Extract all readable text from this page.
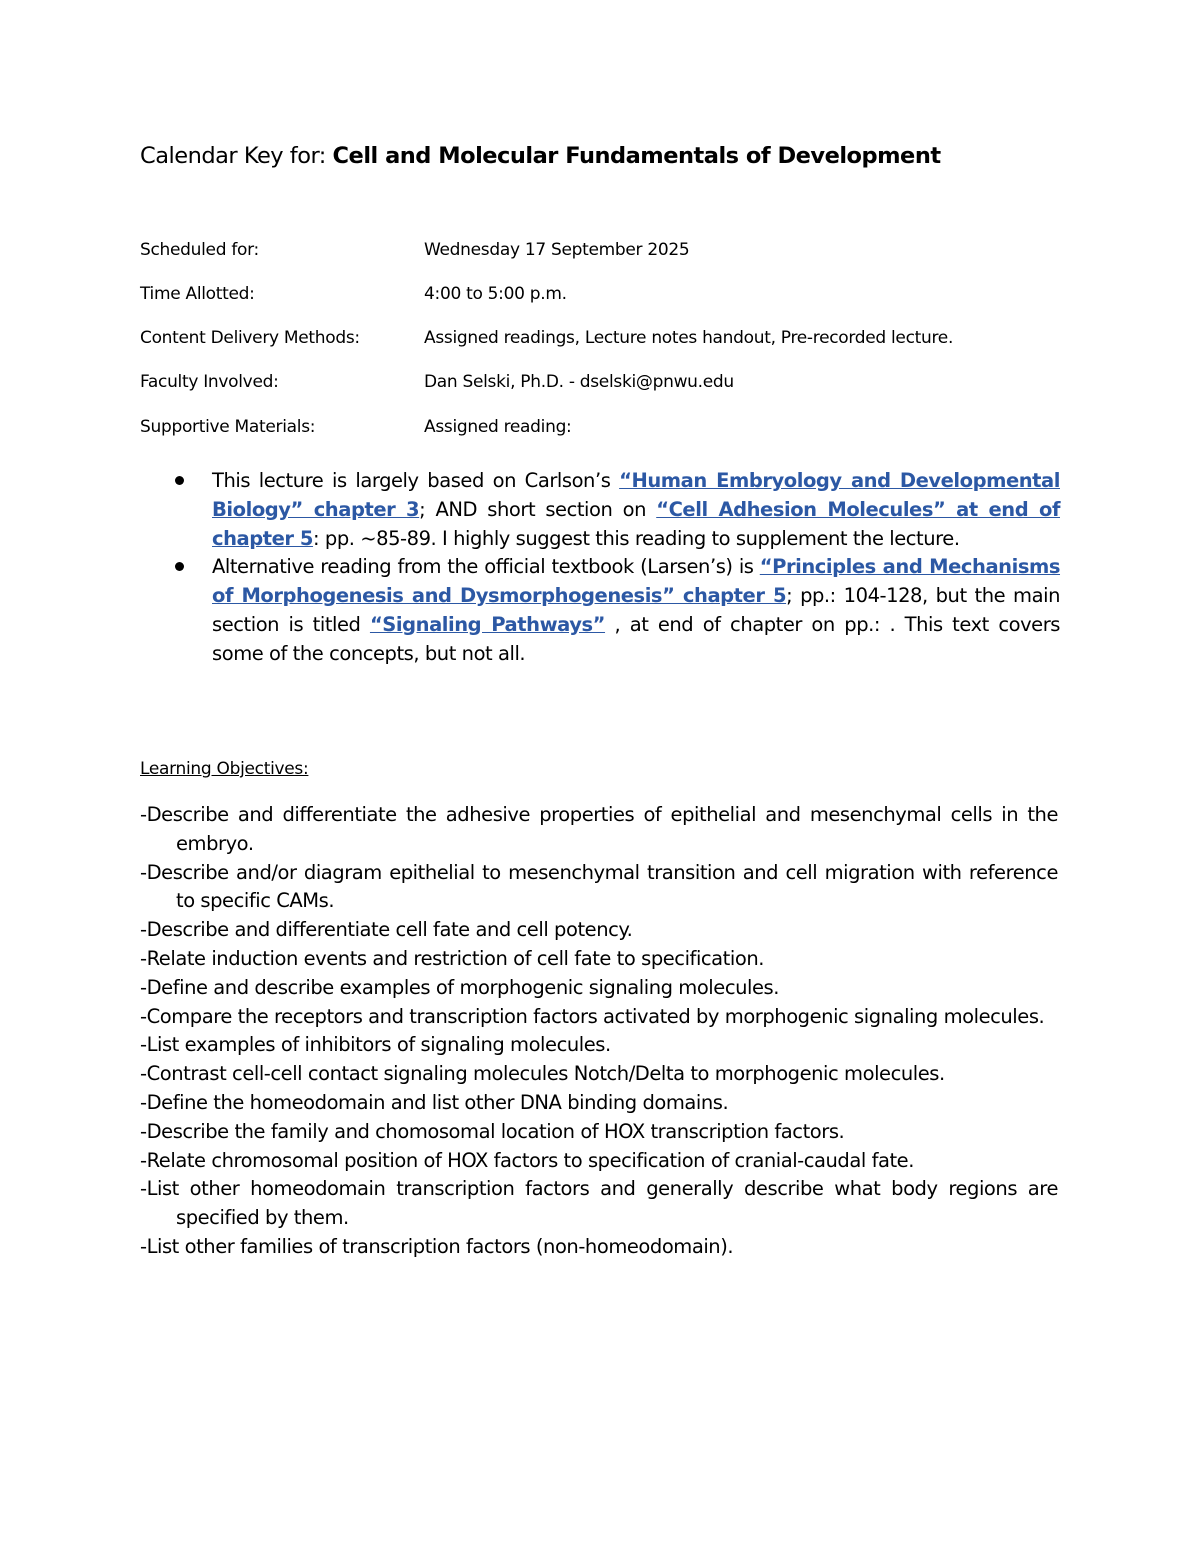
Calendar Key for: Cell and Molecular Fundamentals of Development
Scheduled for:	Wednesday 17 September 2025
Time Allotted:	4:00 to 5:00 p.m.
Content Delivery Methods:	Assigned readings, Lecture notes handout, Pre-recorded lecture.
Faculty Involved:	Dan Selski, Ph.D. - dselski@pnwu.edu
Supportive Materials:	Assigned reading:
This lecture is largely based on Carlson’s “Human Embryology and Developmental Biology” chapter 3; AND short section on “Cell Adhesion Molecules” at end of chapter 5: pp. ~85-89. I highly suggest this reading to supplement the lecture.
Alternative reading from the official textbook (Larsen’s) is “Principles and Mechanisms of Morphogenesis and Dysmorphogenesis” chapter 5; pp.: 104-128, but the main section is titled “Signaling Pathways” , at end of chapter on pp.: . This text covers some of the concepts, but not all.
Learning Objectives:
-Describe and differentiate the adhesive properties of epithelial and mesenchymal cells in the embryo.
-Describe and/or diagram epithelial to mesenchymal transition and cell migration with reference to specific CAMs.
-Describe and differentiate cell fate and cell potency.
-Relate induction events and restriction of cell fate to specification.
-Define and describe examples of morphogenic signaling molecules.
-Compare the receptors and transcription factors activated by morphogenic signaling molecules.
-List examples of inhibitors of signaling molecules.
-Contrast cell-cell contact signaling molecules Notch/Delta to morphogenic molecules.
-Define the homeodomain and list other DNA binding domains.
-Describe the family and chomosomal location of HOX transcription factors.
-Relate chromosomal position of HOX factors to specification of cranial-caudal fate.
-List other homeodomain transcription factors and generally describe what body regions are specified by them.
-List other families of transcription factors (non-homeodomain).
